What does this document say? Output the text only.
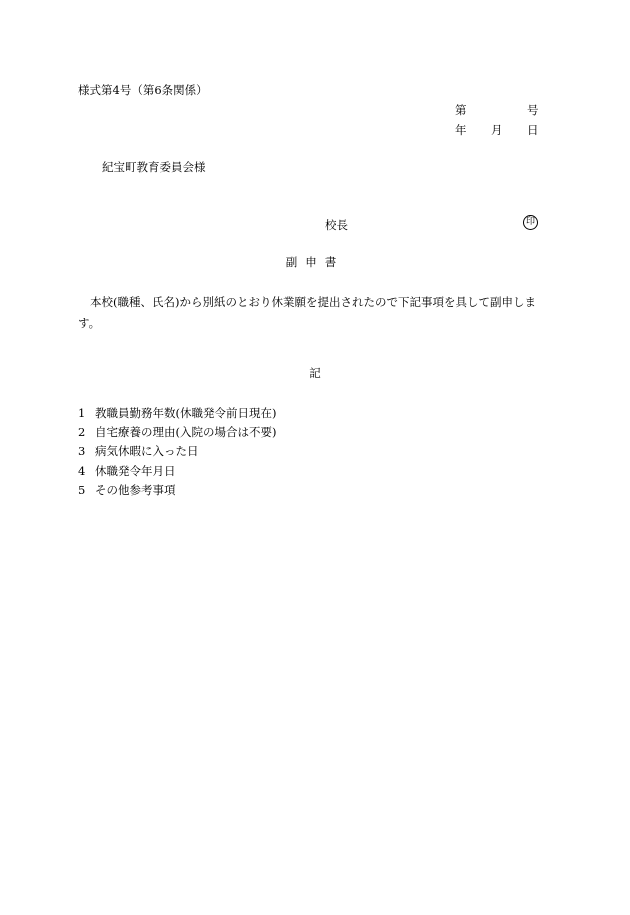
様式第4号（第6条関係）
第	号
年 月 日
紀宝町教育委員会様
校長	印
副申書
本校(職種、氏名)から別紙のとおり休業願を提出されたので下記事項を具して副申します。
記
1 教職員勤務年数(休職発令前日現在)
2 自宅療養の理由(入院の場合は不要)
3 病気休暇に入った日
4 休職発令年月日
5 その他参考事項
